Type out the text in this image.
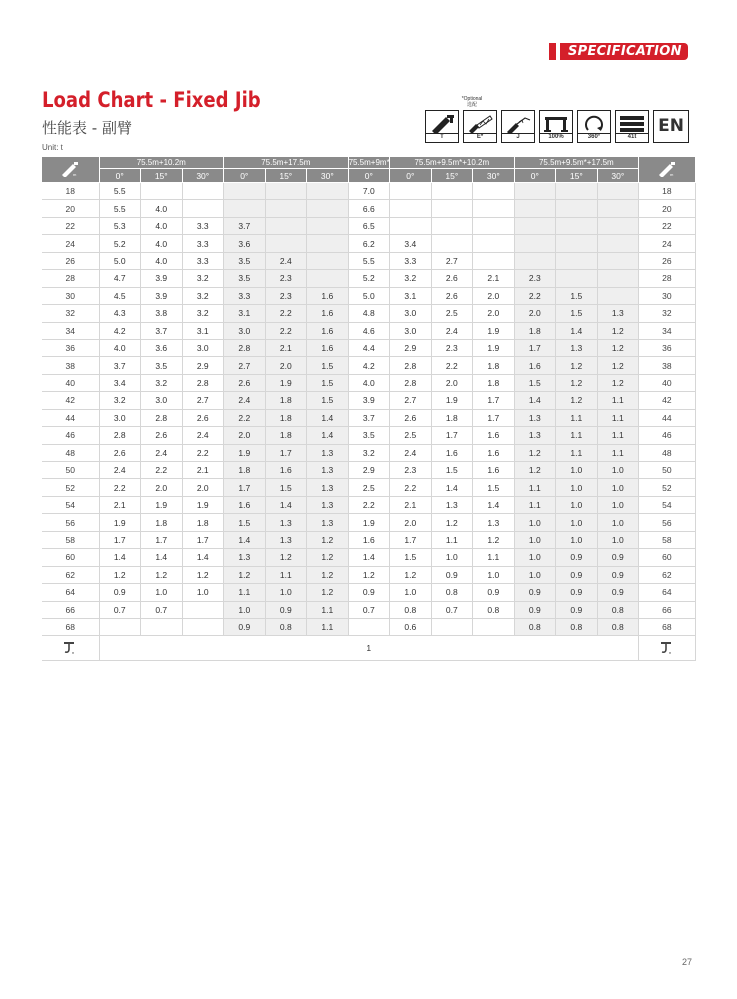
SPECIFICATION
Load Chart - Fixed Jib
性能表 - 副臂
Unit: t
*Optional
选配
T	E*	J	100%	360°	41t
EN
m	75.5m+10.2m			75.5m+17.5m			75.5m+9m*	75.5m+9.5m*+10.2m			75.5m+9.5m*+17.5m			m

	0°	15°	30°	0°	15°	30°	0°	0°	15°	30°	0°	15°	30°	
18	5.5						7.0							18
20	5.5	4.0					6.6							20
22	5.3	4.0	3.3	3.7			6.5							22
24	5.2	4.0	3.3	3.6			6.2	3.4						24
26	5.0	4.0	3.3	3.5	2.4		5.5	3.3	2.7					26
28	4.7	3.9	3.2	3.5	2.3		5.2	3.2	2.6	2.1	2.3			28
30	4.5	3.9	3.2	3.3	2.3	1.6	5.0	3.1	2.6	2.0	2.2	1.5		30
32	4.3	3.8	3.2	3.1	2.2	1.6	4.8	3.0	2.5	2.0	2.0	1.5	1.3	32
34	4.2	3.7	3.1	3.0	2.2	1.6	4.6	3.0	2.4	1.9	1.8	1.4	1.2	34
36	4.0	3.6	3.0	2.8	2.1	1.6	4.4	2.9	2.3	1.9	1.7	1.3	1.2	36
38	3.7	3.5	2.9	2.7	2.0	1.5	4.2	2.8	2.2	1.8	1.6	1.2	1.2	38
40	3.4	3.2	2.8	2.6	1.9	1.5	4.0	2.8	2.0	1.8	1.5	1.2	1.2	40
42	3.2	3.0	2.7	2.4	1.8	1.5	3.9	2.7	1.9	1.7	1.4	1.2	1.1	42
44	3.0	2.8	2.6	2.2	1.8	1.4	3.7	2.6	1.8	1.7	1.3	1.1	1.1	44
46	2.8	2.6	2.4	2.0	1.8	1.4	3.5	2.5	1.7	1.6	1.3	1.1	1.1	46
48	2.6	2.4	2.2	1.9	1.7	1.3	3.2	2.4	1.6	1.6	1.2	1.1	1.1	48
50	2.4	2.2	2.1	1.8	1.6	1.3	2.9	2.3	1.5	1.6	1.2	1.0	1.0	50
52	2.2	2.0	2.0	1.7	1.5	1.3	2.5	2.2	1.4	1.5	1.1	1.0	1.0	52
54	2.1	1.9	1.9	1.6	1.4	1.3	2.2	2.1	1.3	1.4	1.1	1.0	1.0	54
56	1.9	1.8	1.8	1.5	1.3	1.3	1.9	2.0	1.2	1.3	1.0	1.0	1.0	56
58	1.7	1.7	1.7	1.4	1.3	1.2	1.6	1.7	1.1	1.2	1.0	1.0	1.0	58
60	1.4	1.4	1.4	1.3	1.2	1.2	1.4	1.5	1.0	1.1	1.0	0.9	0.9	60
62	1.2	1.2	1.2	1.2	1.1	1.2	1.2	1.2	0.9	1.0	1.0	0.9	0.9	62
64	0.9	1.0	1.0	1.1	1.0	1.2	0.9	1.0	0.8	0.9	0.9	0.9	0.9	64
66	0.7	0.7		1.0	0.9	1.1	0.7	0.8	0.7	0.8	0.9	0.9	0.8	66
68				0.9	0.8	1.1		0.6			0.8	0.8	0.8	68

n	1													n
27
